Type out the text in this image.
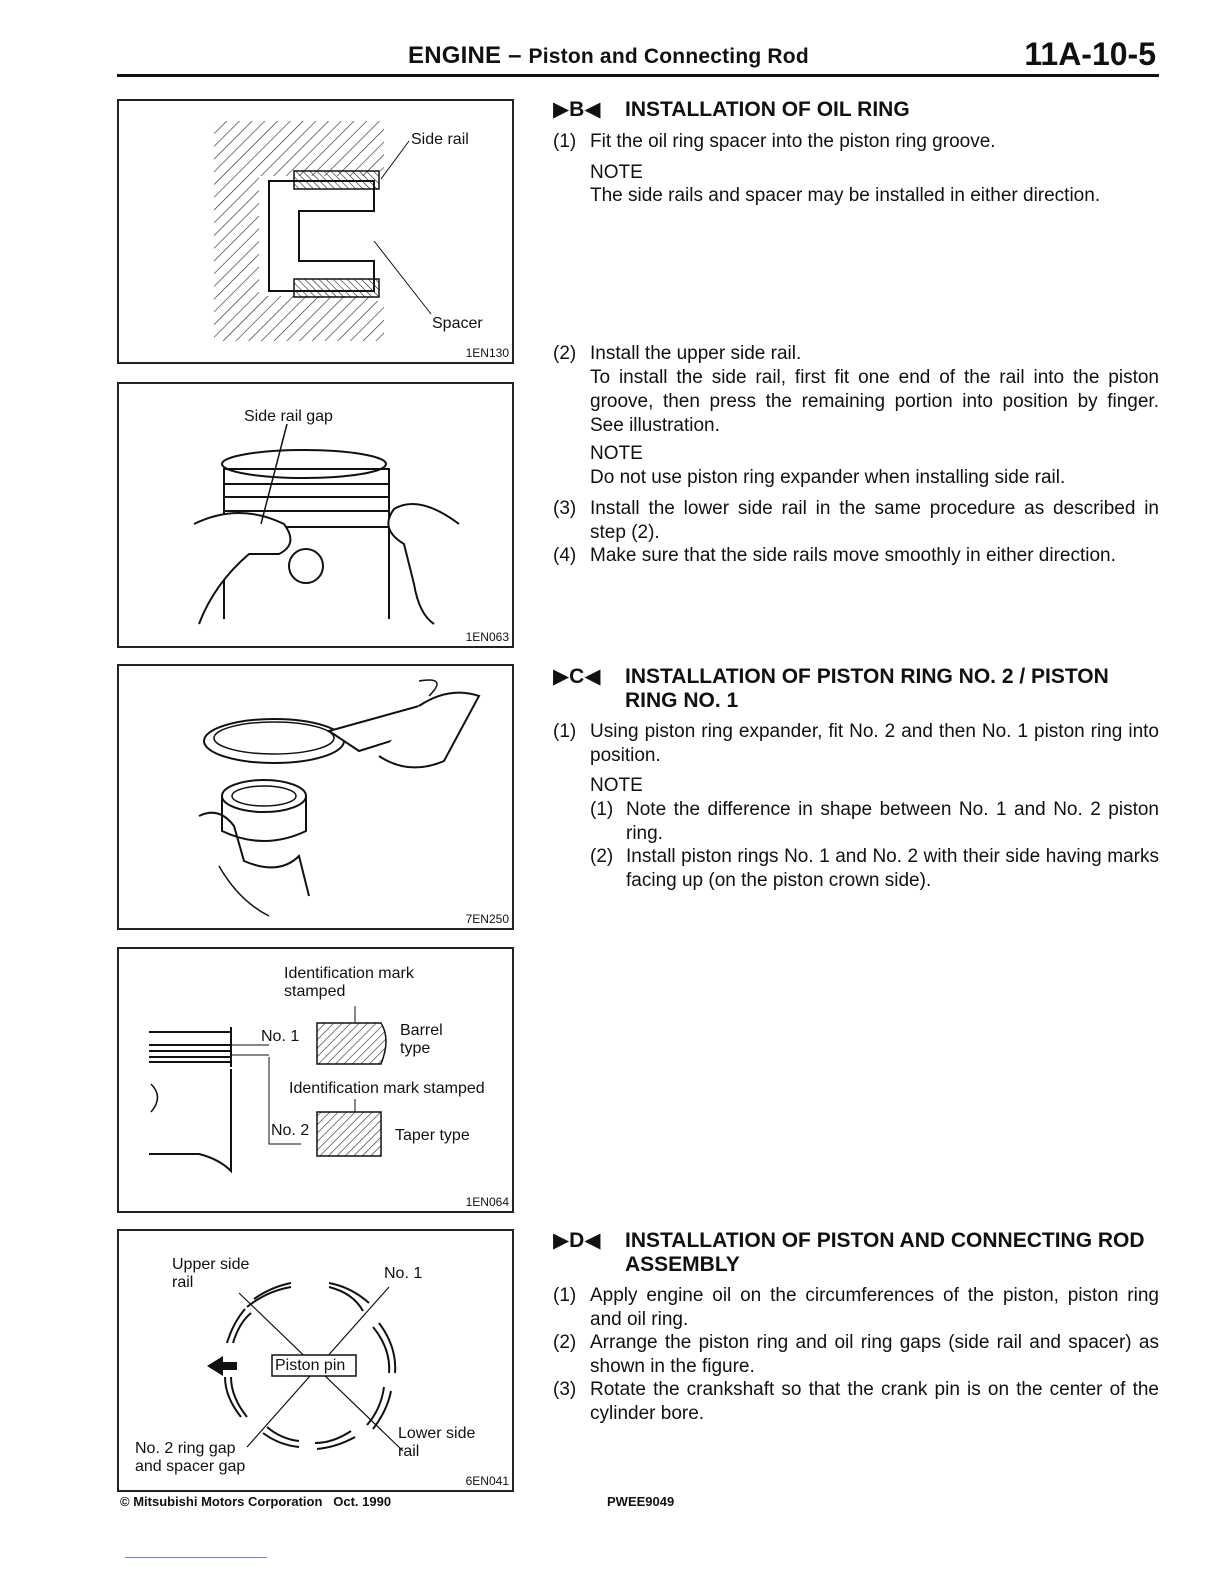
ENGINE – Piston and Connecting Rod	11A-10-5
Side rail
Spacer
1EN130
Side rail gap
1EN063
7EN250
Identification mark
stamped
No. 1	Barrel
type
Identification mark stamped
No. 2	Taper type
1EN064
Upper side
rail
No. 1
Piston pin
Lower side
rail
No. 2 ring gap
and spacer gap
6EN041
▶B◀ INSTALLATION OF OIL RING
(1) Fit the oil ring spacer into the piston ring groove.
NOTE
The side rails and spacer may be installed in either direction.
(2) Install the upper side rail.
To install the side rail, first fit one end of the rail into the piston groove, then press the remaining portion into position by finger. See illustration.
NOTE
Do not use piston ring expander when installing side rail.
(3) Install the lower side rail in the same procedure as described in step (2).
(4) Make sure that the side rails move smoothly in either direction.
▶C◀ INSTALLATION OF PISTON RING NO. 2 / PISTON RING NO. 1
(1) Using piston ring expander, fit No. 2 and then No. 1 piston ring into position.
NOTE
(1) Note the difference in shape between No. 1 and No. 2 piston ring.
(2) Install piston rings No. 1 and No. 2 with their side having marks facing up (on the piston crown side).
▶D◀ INSTALLATION OF PISTON AND CONNECTING ROD ASSEMBLY
(1) Apply engine oil on the circumferences of the piston, piston ring and oil ring.
(2) Arrange the piston ring and oil ring gaps (side rail and spacer) as shown in the figure.
(3) Rotate the crankshaft so that the crank pin is on the center of the cylinder bore.
© Mitsubishi Motors Corporation   Oct. 1990	PWEE9049
